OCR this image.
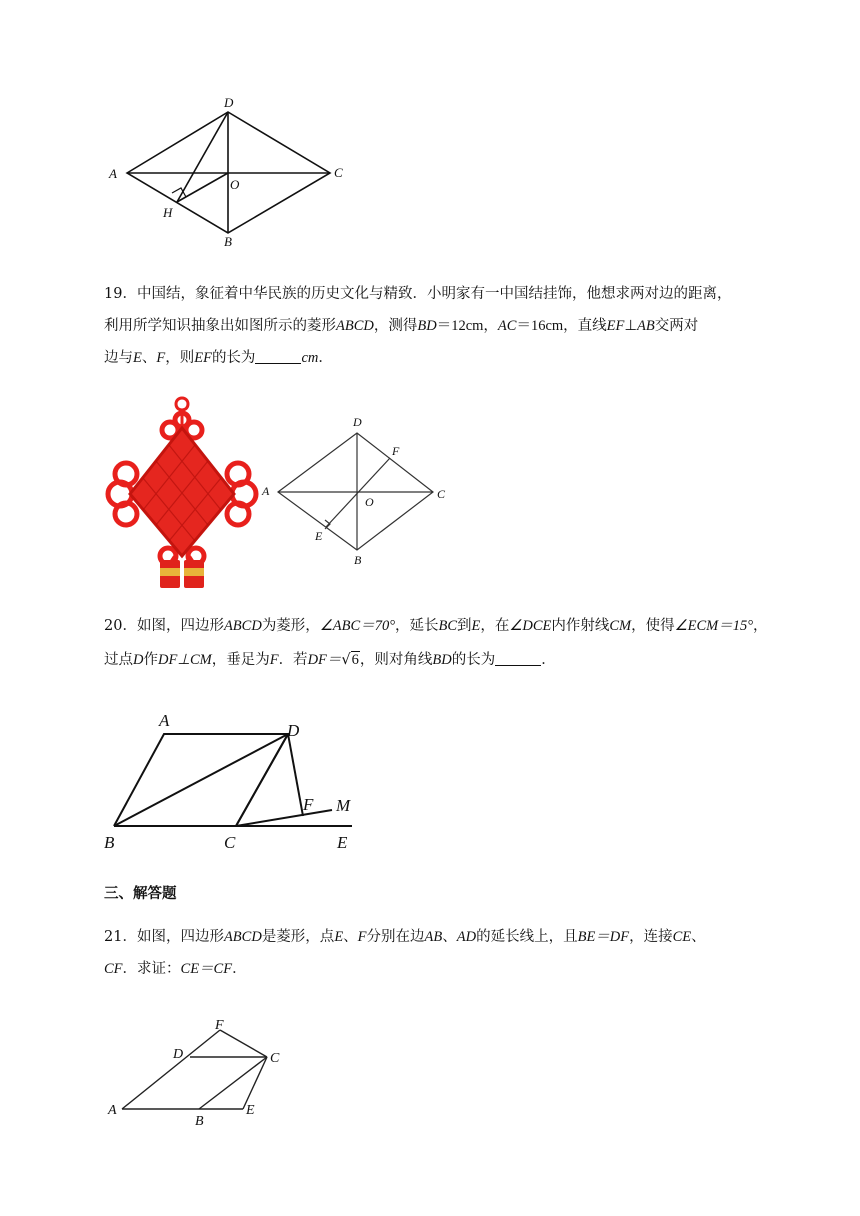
D
A	C
O
H
B
19．中国结，象征着中华民族的历史文化与精致．小明家有一中国结挂饰，他想求两对边的距离，
利用所学知识抽象出如图所示的菱形ABCD，测得BD＝12cm，AC＝16cm，直线EF⊥AB交两对
边与E、F，则EF的长为	cm．
D
F
A
O
C
E
B
20．如图，四边形ABCD为菱形，∠ABC＝70°，延长BC到E，在∠DCE内作射线CM，使得∠ECM＝15°，
过点D作DF⊥CM，垂足为F．若DF＝√6，则对角线BD的长为	．
A
D
F M
B	C	E
三、解答题
21．如图，四边形ABCD是菱形，点E、F分别在边AB、AD的延长线上，且BE＝DF，连接CE、
CF．求证：CE＝CF．
F
D	C
A
B
E
